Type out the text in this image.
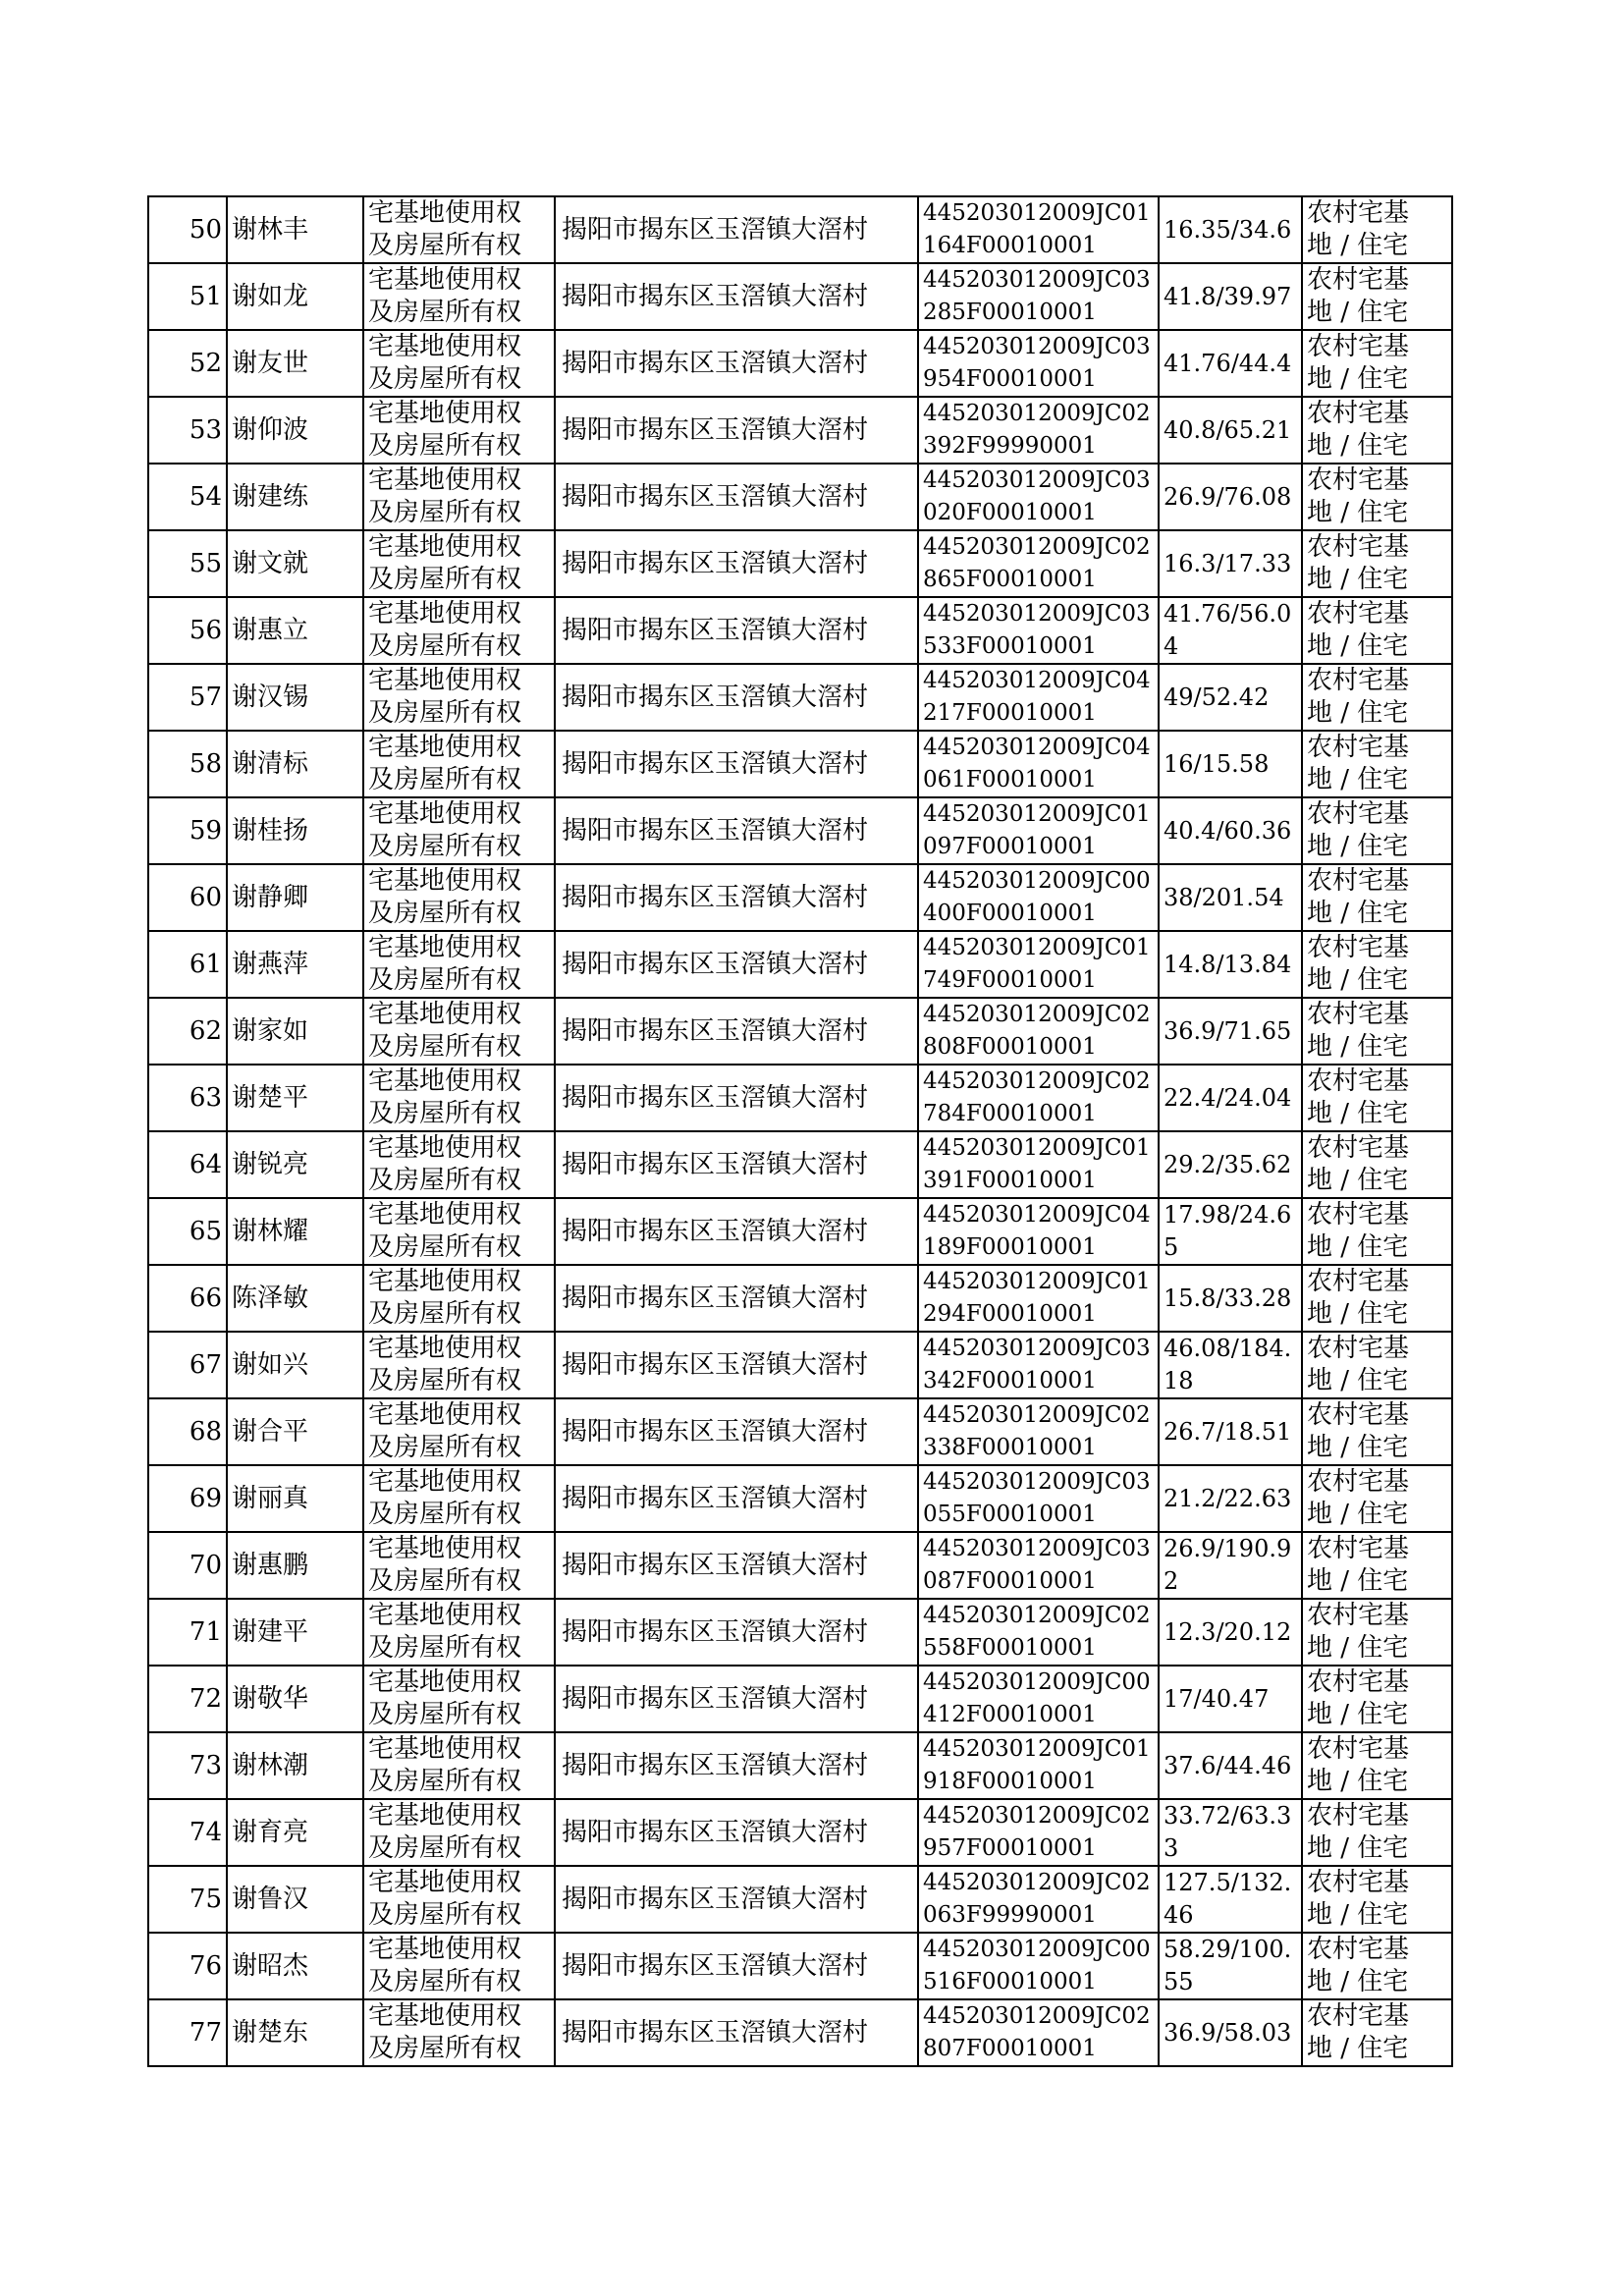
50	谢林丰	宅基地使用权
及房屋所有权	揭阳市揭东区玉滘镇大滘村	445203012009JC01164F00010001	16.35/34.6	农村宅基
地 / 住宅

51	谢如龙	宅基地使用权
及房屋所有权	揭阳市揭东区玉滘镇大滘村	445203012009JC03285F00010001	41.8/39.97	农村宅基
地 / 住宅

52	谢友世	宅基地使用权
及房屋所有权	揭阳市揭东区玉滘镇大滘村	445203012009JC03954F00010001	41.76/44.4	农村宅基
地 / 住宅

53	谢仰波	宅基地使用权
及房屋所有权	揭阳市揭东区玉滘镇大滘村	445203012009JC02392F99990001	40.8/65.21	农村宅基
地 / 住宅

54	谢建练	宅基地使用权
及房屋所有权	揭阳市揭东区玉滘镇大滘村	445203012009JC03020F00010001	26.9/76.08	农村宅基
地 / 住宅

55	谢文就	宅基地使用权
及房屋所有权	揭阳市揭东区玉滘镇大滘村	445203012009JC02865F00010001	16.3/17.33	农村宅基
地 / 住宅

56	谢惠立	宅基地使用权
及房屋所有权	揭阳市揭东区玉滘镇大滘村	445203012009JC03533F00010001	41.76/56.04	农村宅基
地 / 住宅

57	谢汉锡	宅基地使用权
及房屋所有权	揭阳市揭东区玉滘镇大滘村	445203012009JC04217F00010001	49/52.42	农村宅基
地 / 住宅

58	谢清标	宅基地使用权
及房屋所有权	揭阳市揭东区玉滘镇大滘村	445203012009JC04061F00010001	16/15.58	农村宅基
地 / 住宅

59	谢桂扬	宅基地使用权
及房屋所有权	揭阳市揭东区玉滘镇大滘村	445203012009JC01097F00010001	40.4/60.36	农村宅基
地 / 住宅

60	谢静卿	宅基地使用权
及房屋所有权	揭阳市揭东区玉滘镇大滘村	445203012009JC00400F00010001	38/201.54	农村宅基
地 / 住宅

61	谢燕萍	宅基地使用权
及房屋所有权	揭阳市揭东区玉滘镇大滘村	445203012009JC01749F00010001	14.8/13.84	农村宅基
地 / 住宅

62	谢家如	宅基地使用权
及房屋所有权	揭阳市揭东区玉滘镇大滘村	445203012009JC02808F00010001	36.9/71.65	农村宅基
地 / 住宅

63	谢楚平	宅基地使用权
及房屋所有权	揭阳市揭东区玉滘镇大滘村	445203012009JC02784F00010001	22.4/24.04	农村宅基
地 / 住宅

64	谢锐亮	宅基地使用权
及房屋所有权	揭阳市揭东区玉滘镇大滘村	445203012009JC01391F00010001	29.2/35.62	农村宅基
地 / 住宅

65	谢林耀	宅基地使用权
及房屋所有权	揭阳市揭东区玉滘镇大滘村	445203012009JC04189F00010001	17.98/24.65	农村宅基
地 / 住宅

66	陈泽敏	宅基地使用权
及房屋所有权	揭阳市揭东区玉滘镇大滘村	445203012009JC01294F00010001	15.8/33.28	农村宅基
地 / 住宅

67	谢如兴	宅基地使用权
及房屋所有权	揭阳市揭东区玉滘镇大滘村	445203012009JC03342F00010001	46.08/184.18	农村宅基
地 / 住宅

68	谢合平	宅基地使用权
及房屋所有权	揭阳市揭东区玉滘镇大滘村	445203012009JC02338F00010001	26.7/18.51	农村宅基
地 / 住宅

69	谢丽真	宅基地使用权
及房屋所有权	揭阳市揭东区玉滘镇大滘村	445203012009JC03055F00010001	21.2/22.63	农村宅基
地 / 住宅

70	谢惠鹏	宅基地使用权
及房屋所有权	揭阳市揭东区玉滘镇大滘村	445203012009JC03087F00010001	26.9/190.92	农村宅基
地 / 住宅

71	谢建平	宅基地使用权
及房屋所有权	揭阳市揭东区玉滘镇大滘村	445203012009JC02558F00010001	12.3/20.12	农村宅基
地 / 住宅

72	谢敬华	宅基地使用权
及房屋所有权	揭阳市揭东区玉滘镇大滘村	445203012009JC00412F00010001	17/40.47	农村宅基
地 / 住宅

73	谢林潮	宅基地使用权
及房屋所有权	揭阳市揭东区玉滘镇大滘村	445203012009JC01918F00010001	37.6/44.46	农村宅基
地 / 住宅

74	谢育亮	宅基地使用权
及房屋所有权	揭阳市揭东区玉滘镇大滘村	445203012009JC02957F00010001	33.72/63.33	农村宅基
地 / 住宅

75	谢鲁汉	宅基地使用权
及房屋所有权	揭阳市揭东区玉滘镇大滘村	445203012009JC02063F99990001	127.5/132.46	农村宅基
地 / 住宅

76	谢昭杰	宅基地使用权
及房屋所有权	揭阳市揭东区玉滘镇大滘村	445203012009JC00516F00010001	58.29/100.55	农村宅基
地 / 住宅

77	谢楚东	宅基地使用权
及房屋所有权	揭阳市揭东区玉滘镇大滘村	445203012009JC02807F00010001	36.9/58.03	农村宅基
地 / 住宅
